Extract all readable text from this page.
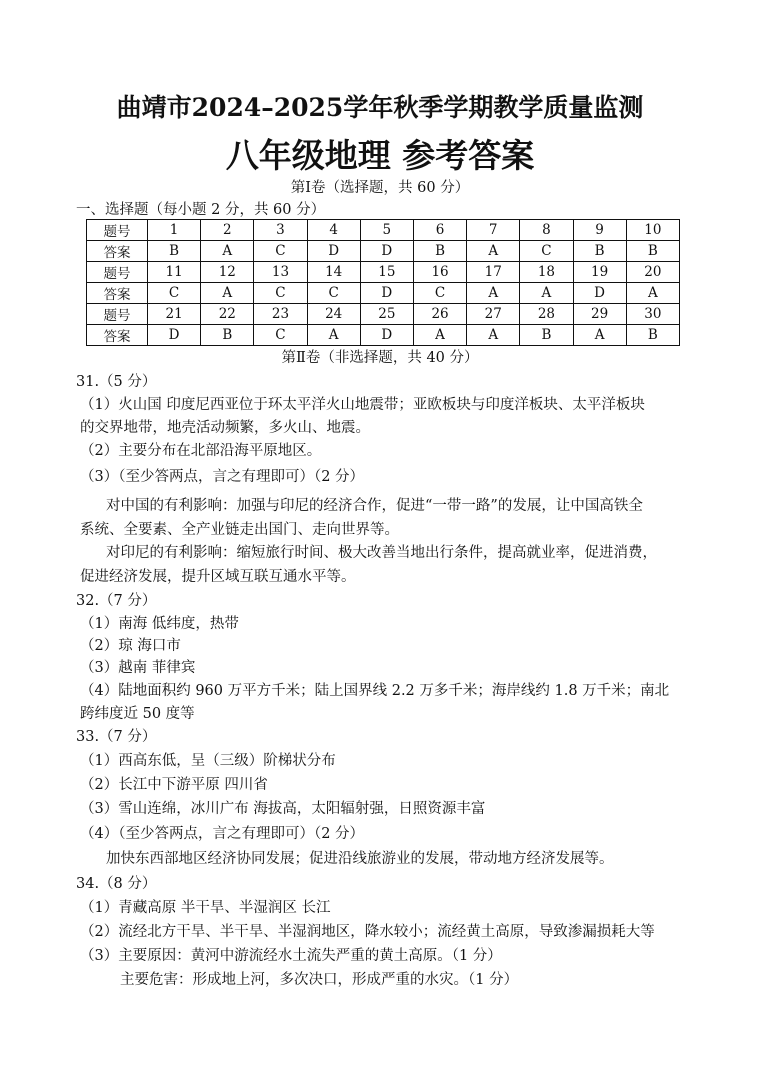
曲靖市2024–2025学年秋季学期教学质量监测
八年级地理 参考答案
第Ⅰ卷（选择题，共 60 分）
一、选择题（每小题 2 分，共 60 分）
题号	1	2	3	4	5	6	7	8	9	10
答案	B	A	C	D	D	B	A	C	B	B
题号	11	12	13	14	15	16	17	18	19	20
答案	C	A	C	C	D	C	A	A	D	A
题号	21	22	23	24	25	26	27	28	29	30
答案	D	B	C	A	D	A	A	B	A	B
第Ⅱ卷（非选择题，共 40 分）
31.（5 分）
（1）火山国 印度尼西亚位于环太平洋火山地震带；亚欧板块与印度洋板块、太平洋板块
的交界地带，地壳活动频繁，多火山、地震。
（2）主要分布在北部沿海平原地区。
（3）（至少答两点，言之有理即可）（2 分）
对中国的有利影响：加强与印尼的经济合作，促进“一带一路”的发展，让中国高铁全
系统、全要素、全产业链走出国门、走向世界等。
对印尼的有利影响：缩短旅行时间、极大改善当地出行条件，提高就业率，促进消费，
促进经济发展，提升区域互联互通水平等。
32.（7 分）
（1）南海 低纬度，热带
（2）琼 海口市
（3）越南 菲律宾
（4）陆地面积约 960 万平方千米；陆上国界线 2.2 万多千米；海岸线约 1.8 万千米；南北
跨纬度近 50 度等
33.（7 分）
（1）西高东低，呈（三级）阶梯状分布
（2）长江中下游平原 四川省
（3）雪山连绵，冰川广布 海拔高，太阳辐射强，日照资源丰富
（4）（至少答两点，言之有理即可）（2 分）
加快东西部地区经济协同发展；促进沿线旅游业的发展，带动地方经济发展等。
34.（8 分）
（1）青藏高原 半干旱、半湿润区 长江
（2）流经北方干旱、半干旱、半湿润地区，降水较小；流经黄土高原，导致渗漏损耗大等
（3）主要原因：黄河中游流经水土流失严重的黄土高原。（1 分）
主要危害：形成地上河，多次决口，形成严重的水灾。（1 分）
